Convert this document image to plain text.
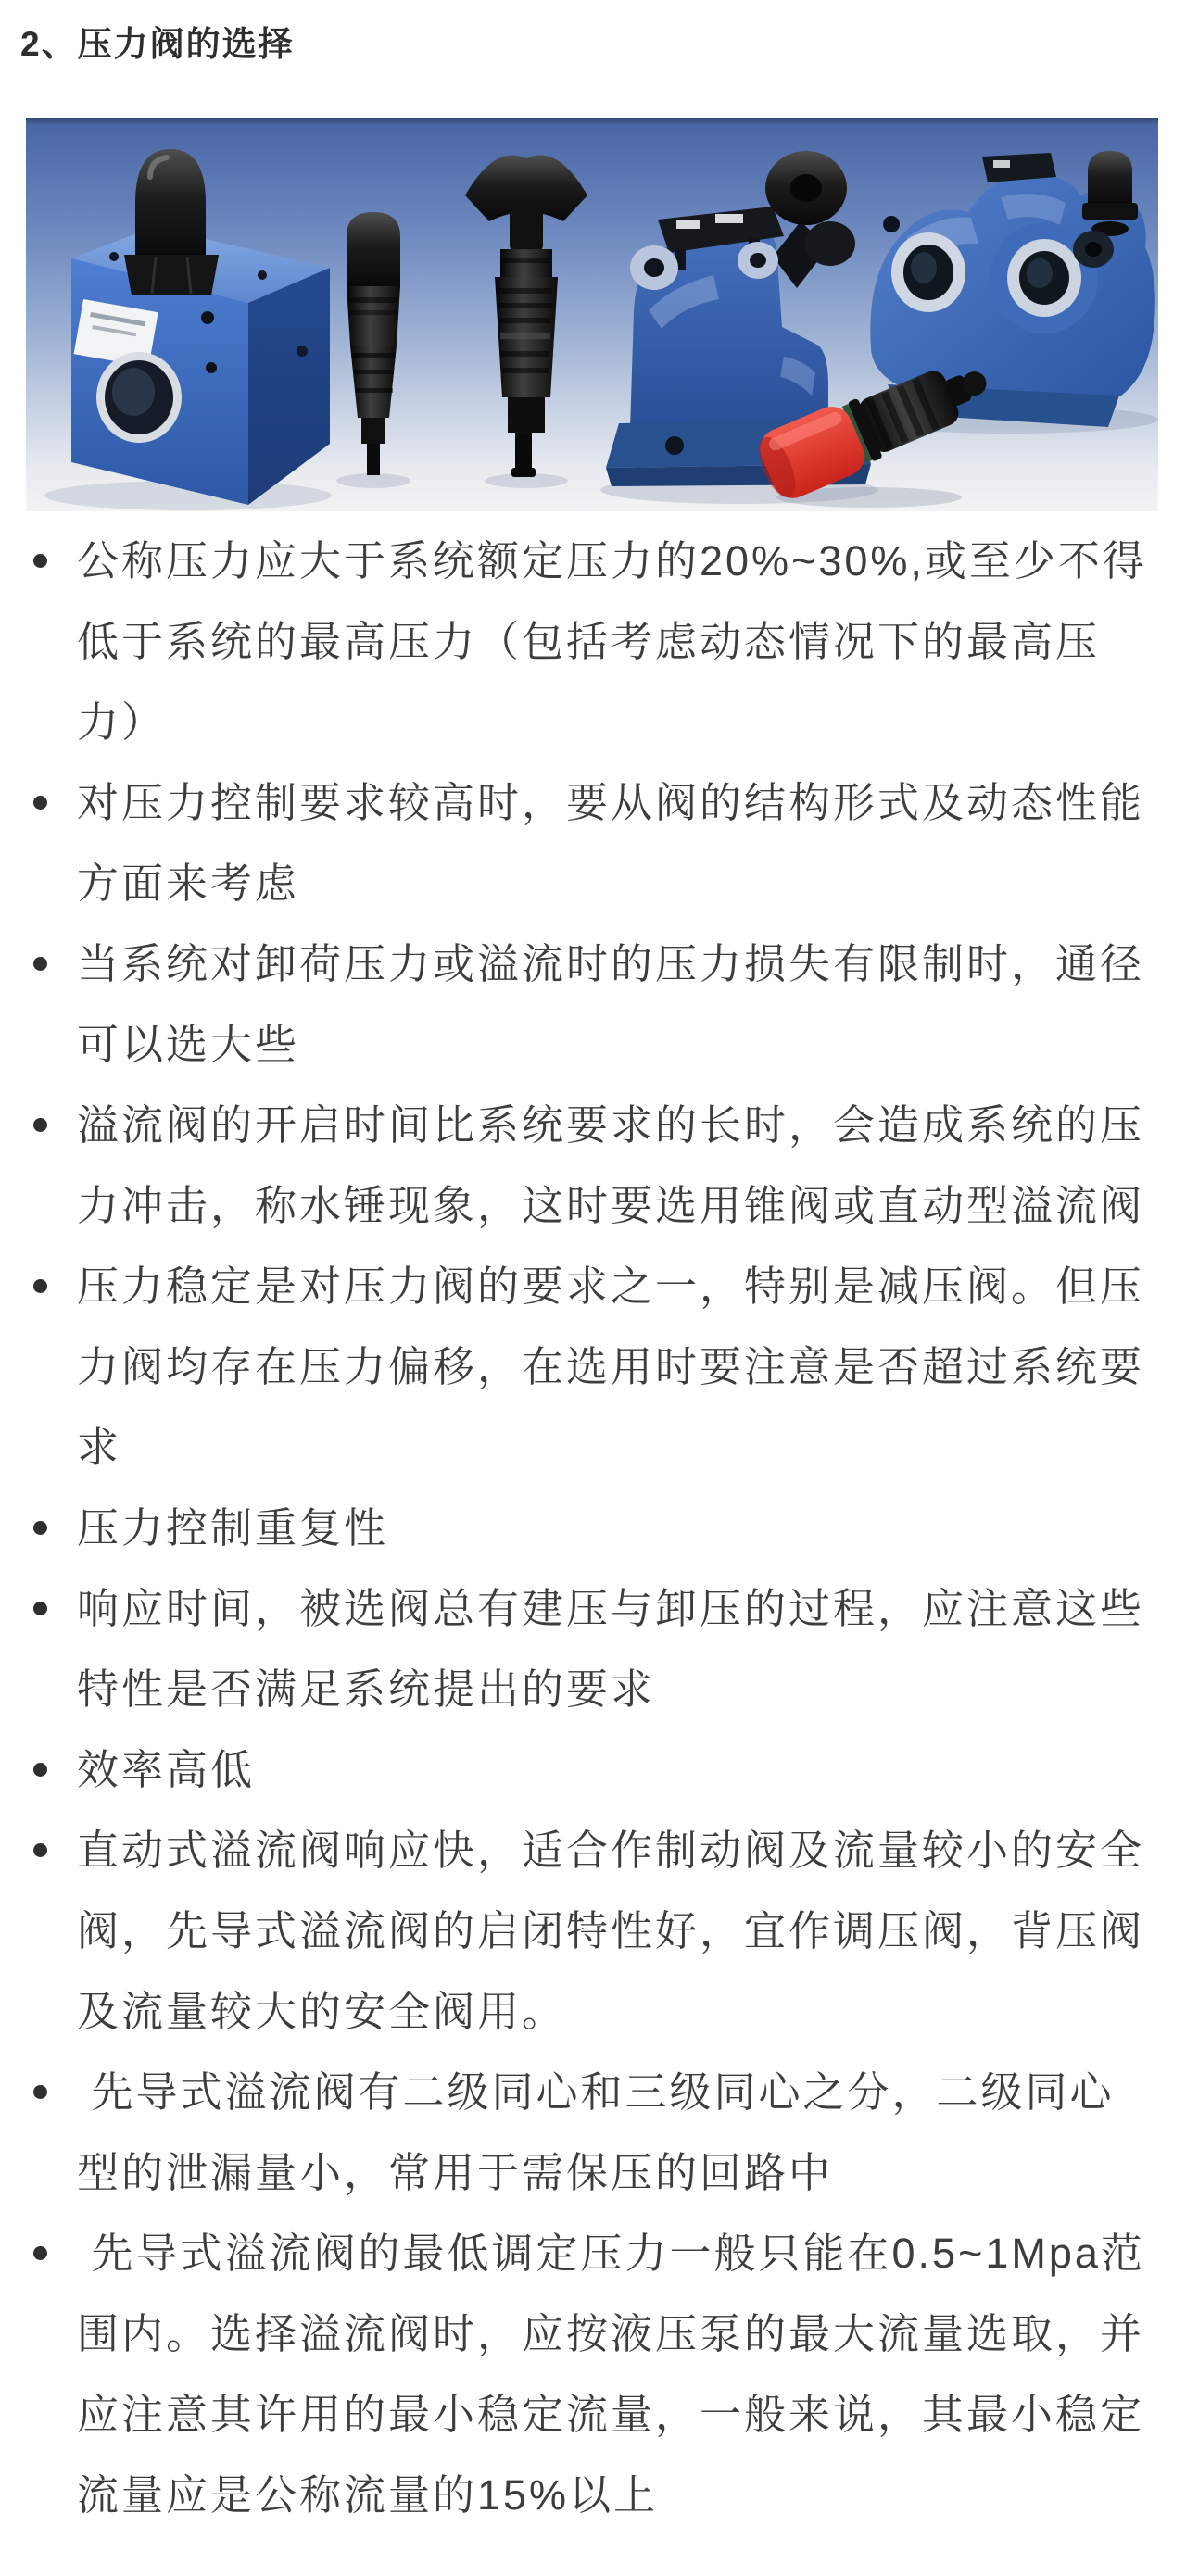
2、压力阀的选择
公称压力应大于系统额定压力的20%~30%,或至少不得低于系统的最高压力（包括考虑动态情况下的最高压力）
对压力控制要求较高时，要从阀的结构形式及动态性能方面来考虑
当系统对卸荷压力或溢流时的压力损失有限制时，通径可以选大些
溢流阀的开启时间比系统要求的长时，会造成系统的压力冲击，称水锤现象，这时要选用锥阀或直动型溢流阀
压力稳定是对压力阀的要求之一，特别是减压阀。但压力阀均存在压力偏移，在选用时要注意是否超过系统要求
压力控制重复性
响应时间，被选阀总有建压与卸压的过程，应注意这些特性是否满足系统提出的要求
效率高低
直动式溢流阀响应快，适合作制动阀及流量较小的安全阀，先导式溢流阀的启闭特性好，宜作调压阀，背压阀及流量较大的安全阀用。
先导式溢流阀有二级同心和三级同心之分，二级同心型的泄漏量小，常用于需保压的回路中
先导式溢流阀的最低调定压力一般只能在0.5~1Mpa范围内。选择溢流阀时，应按液压泵的最大流量选取，并应注意其许用的最小稳定流量，一般来说，其最小稳定流量应是公称流量的15%以上
